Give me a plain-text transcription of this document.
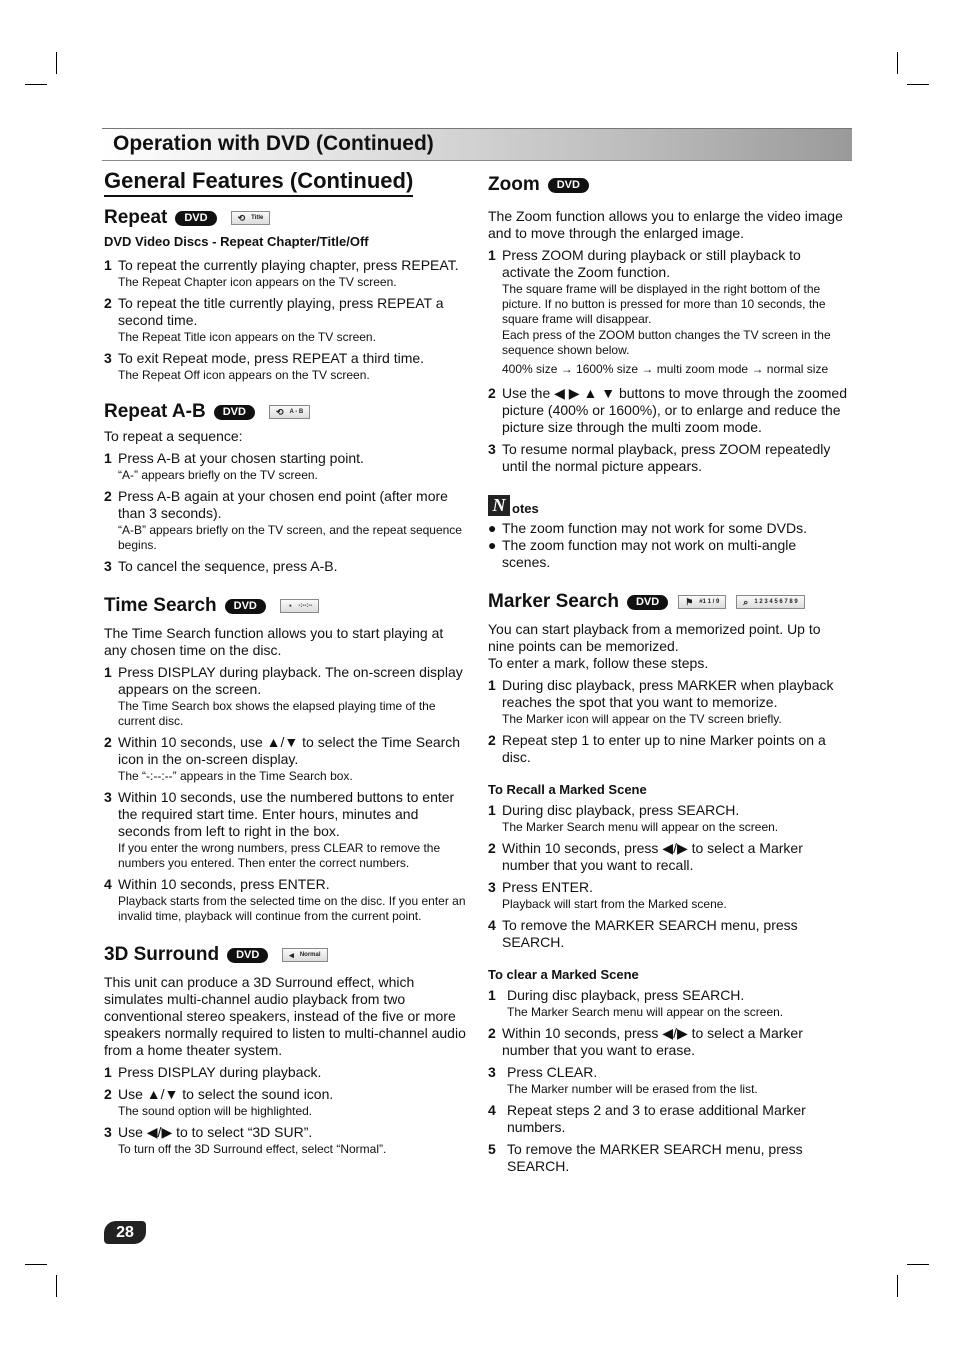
Operation with DVD (Continued)
General Features (Continued)
Repeat	DVD	⟲ Title
DVD Video Discs - Repeat Chapter/Title/Off
1 To repeat the currently playing chapter, press REPEAT.
The Repeat Chapter icon appears on the TV screen.
2 To repeat the title currently playing, press REPEAT a second time.
The Repeat Title icon appears on the TV screen.
3 To exit Repeat mode, press REPEAT a third time.
The Repeat Off icon appears on the TV screen.
Repeat A-B	DVD	⟲ A - B

To repeat a sequence:

1 Press A-B at your chosen starting point.
“A-” appears briefly on the TV screen.
2 Press A-B again at your chosen end point (after more than 3 seconds).
“A-B” appears briefly on the TV screen, and the repeat sequence begins.
3 To cancel the sequence, press A-B.
Time Search	DVD	◔ -:--:--

The Time Search function allows you to start playing at any chosen time on the disc.

1 Press DISPLAY during playback. The on-screen display appears on the screen.
The Time Search box shows the elapsed playing time of the current disc.
2 Within 10 seconds, use ▲/▼ to select the Time Search icon in the on-screen display.
The “-:--:--” appears in the Time Search box.
3 Within 10 seconds, use the numbered buttons to enter the required start time. Enter hours, minutes and seconds from left to right in the box.
If you enter the wrong numbers, press CLEAR to remove the numbers you entered. Then enter the correct numbers.
4 Within 10 seconds, press ENTER.
Playback starts from the selected time on the disc. If you enter an invalid time, playback will continue from the current point.
3D Surround	DVD	◂ Normal

This unit can produce a 3D Surround effect, which simulates multi-channel audio playback from two conventional stereo speakers, instead of the five or more speakers normally required to listen to multi-channel audio from a home theater system.

1 Press DISPLAY during playback.
2 Use ▲/▼ to select the sound icon.
The sound option will be highlighted.
3 Use ◀/▶ to to select “3D SUR”.
To turn off the 3D Surround effect, select “Normal”.
Zoom	DVD

The Zoom function allows you to enlarge the video image and to move through the enlarged image.

1 Press ZOOM during playback or still playback to activate the Zoom function.
The square frame will be displayed in the right bottom of the picture. If no button is pressed for more than 10 seconds, the square frame will disappear.
Each press of the ZOOM button changes the TV screen in the sequence shown below.
400% size → 1600% size → multi zoom mode → normal size
2 Use the ◀ ▶ ▲ ▼ buttons to move through the zoomed picture (400% or 1600%), or to enlarge and reduce the picture size through the multi zoom mode.
3 To resume normal playback, press ZOOM repeatedly until the normal picture appears.
N otes
● The zoom function may not work for some DVDs.
● The zoom function may not work on multi-angle scenes.
Marker Search	DVD	⚑ #1 1 / 9	⌕ 1 2 3 4 5 6 7 8 9

You can start playback from a memorized point. Up to nine points can be memorized.

To enter a mark, follow these steps.

1 During disc playback, press MARKER when playback reaches the spot that you want to memorize.
The Marker icon will appear on the TV screen briefly.
2 Repeat step 1 to enter up to nine Marker points on a disc.
To Recall a Marked Scene
1 During disc playback, press SEARCH.
The Marker Search menu will appear on the screen.
2 Within 10 seconds, press ◀/▶ to select a Marker number that you want to recall.
3 Press ENTER.
Playback will start from the Marked scene.
4 To remove the MARKER SEARCH menu, press SEARCH.
To clear a Marked Scene
1 During disc playback, press SEARCH.
The Marker Search menu will appear on the screen.
2 Within 10 seconds, press ◀/▶ to select a Marker number that you want to erase.
3 Press CLEAR.
The Marker number will be erased from the list.
4 Repeat steps 2 and 3 to erase additional Marker numbers.
5 To remove the MARKER SEARCH menu, press SEARCH.
28
